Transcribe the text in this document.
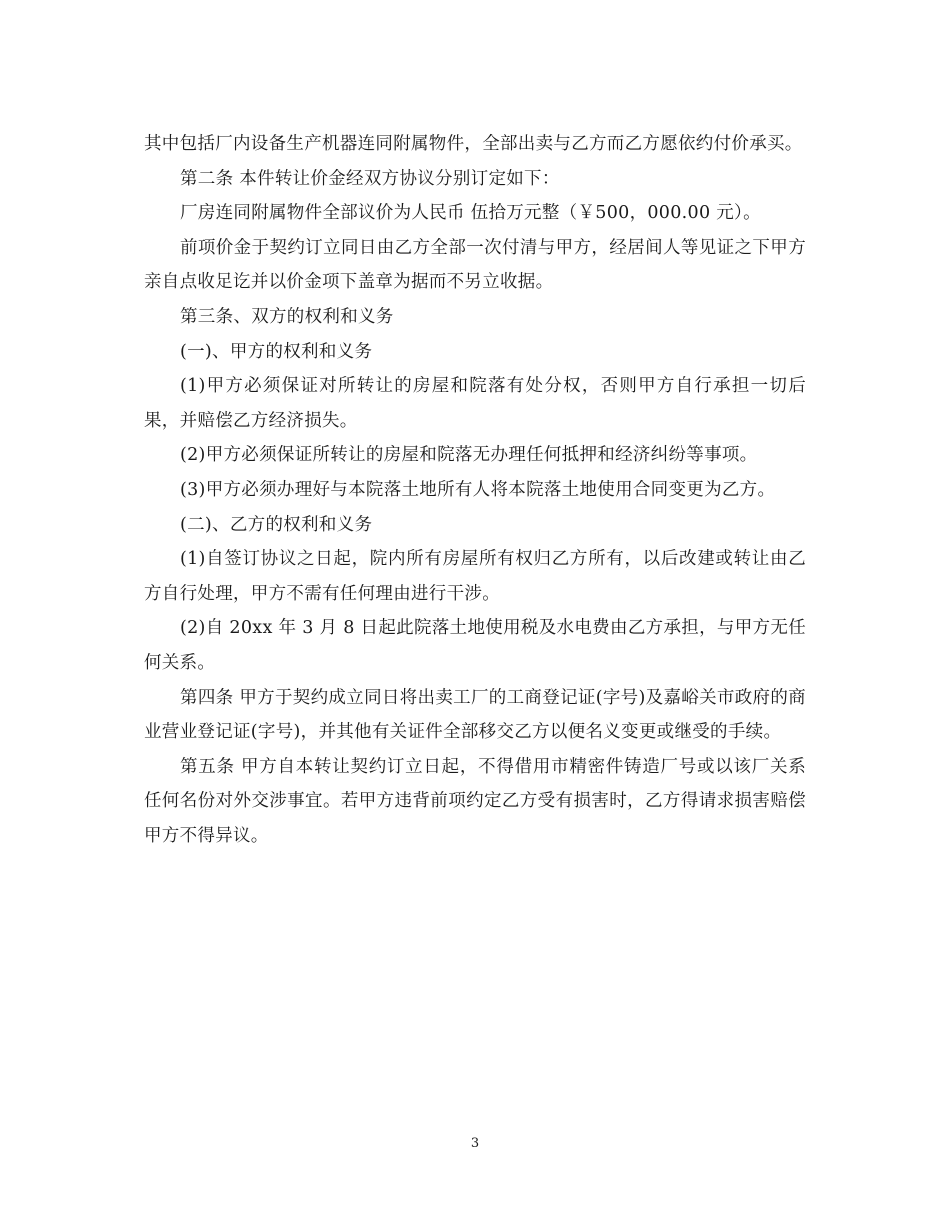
其中包括厂内设备生产机器连同附属物件，全部出卖与乙方而乙方愿依约付价承买。

第二条 本件转让价金经双方协议分别订定如下：

厂房连同附属物件全部议价为人民币 伍拾万元整（￥500，000.00 元）。

前项价金于契约订立同日由乙方全部一次付清与甲方，经居间人等见证之下甲方亲自点收足讫并以价金项下盖章为据而不另立收据。

第三条、双方的权利和义务

(一)、甲方的权利和义务

(1)甲方必须保证对所转让的房屋和院落有处分权，否则甲方自行承担一切后果，并赔偿乙方经济损失。

(2)甲方必须保证所转让的房屋和院落无办理任何抵押和经济纠纷等事项。

(3)甲方必须办理好与本院落土地所有人将本院落土地使用合同变更为乙方。

(二)、乙方的权利和义务

(1)自签订协议之日起，院内所有房屋所有权归乙方所有，以后改建或转让由乙方自行处理，甲方不需有任何理由进行干涉。

(2)自 20xx 年 3 月 8 日起此院落土地使用税及水电费由乙方承担，与甲方无任何关系。

第四条 甲方于契约成立同日将出卖工厂的工商登记证(字号)及嘉峪关市政府的商业营业登记证(字号)，并其他有关证件全部移交乙方以便名义变更或继受的手续。

第五条 甲方自本转让契约订立日起，不得借用市精密件铸造厂号或以该厂关系任何名份对外交涉事宜。若甲方违背前项约定乙方受有损害时，乙方得请求损害赔偿甲方不得异议。

3
